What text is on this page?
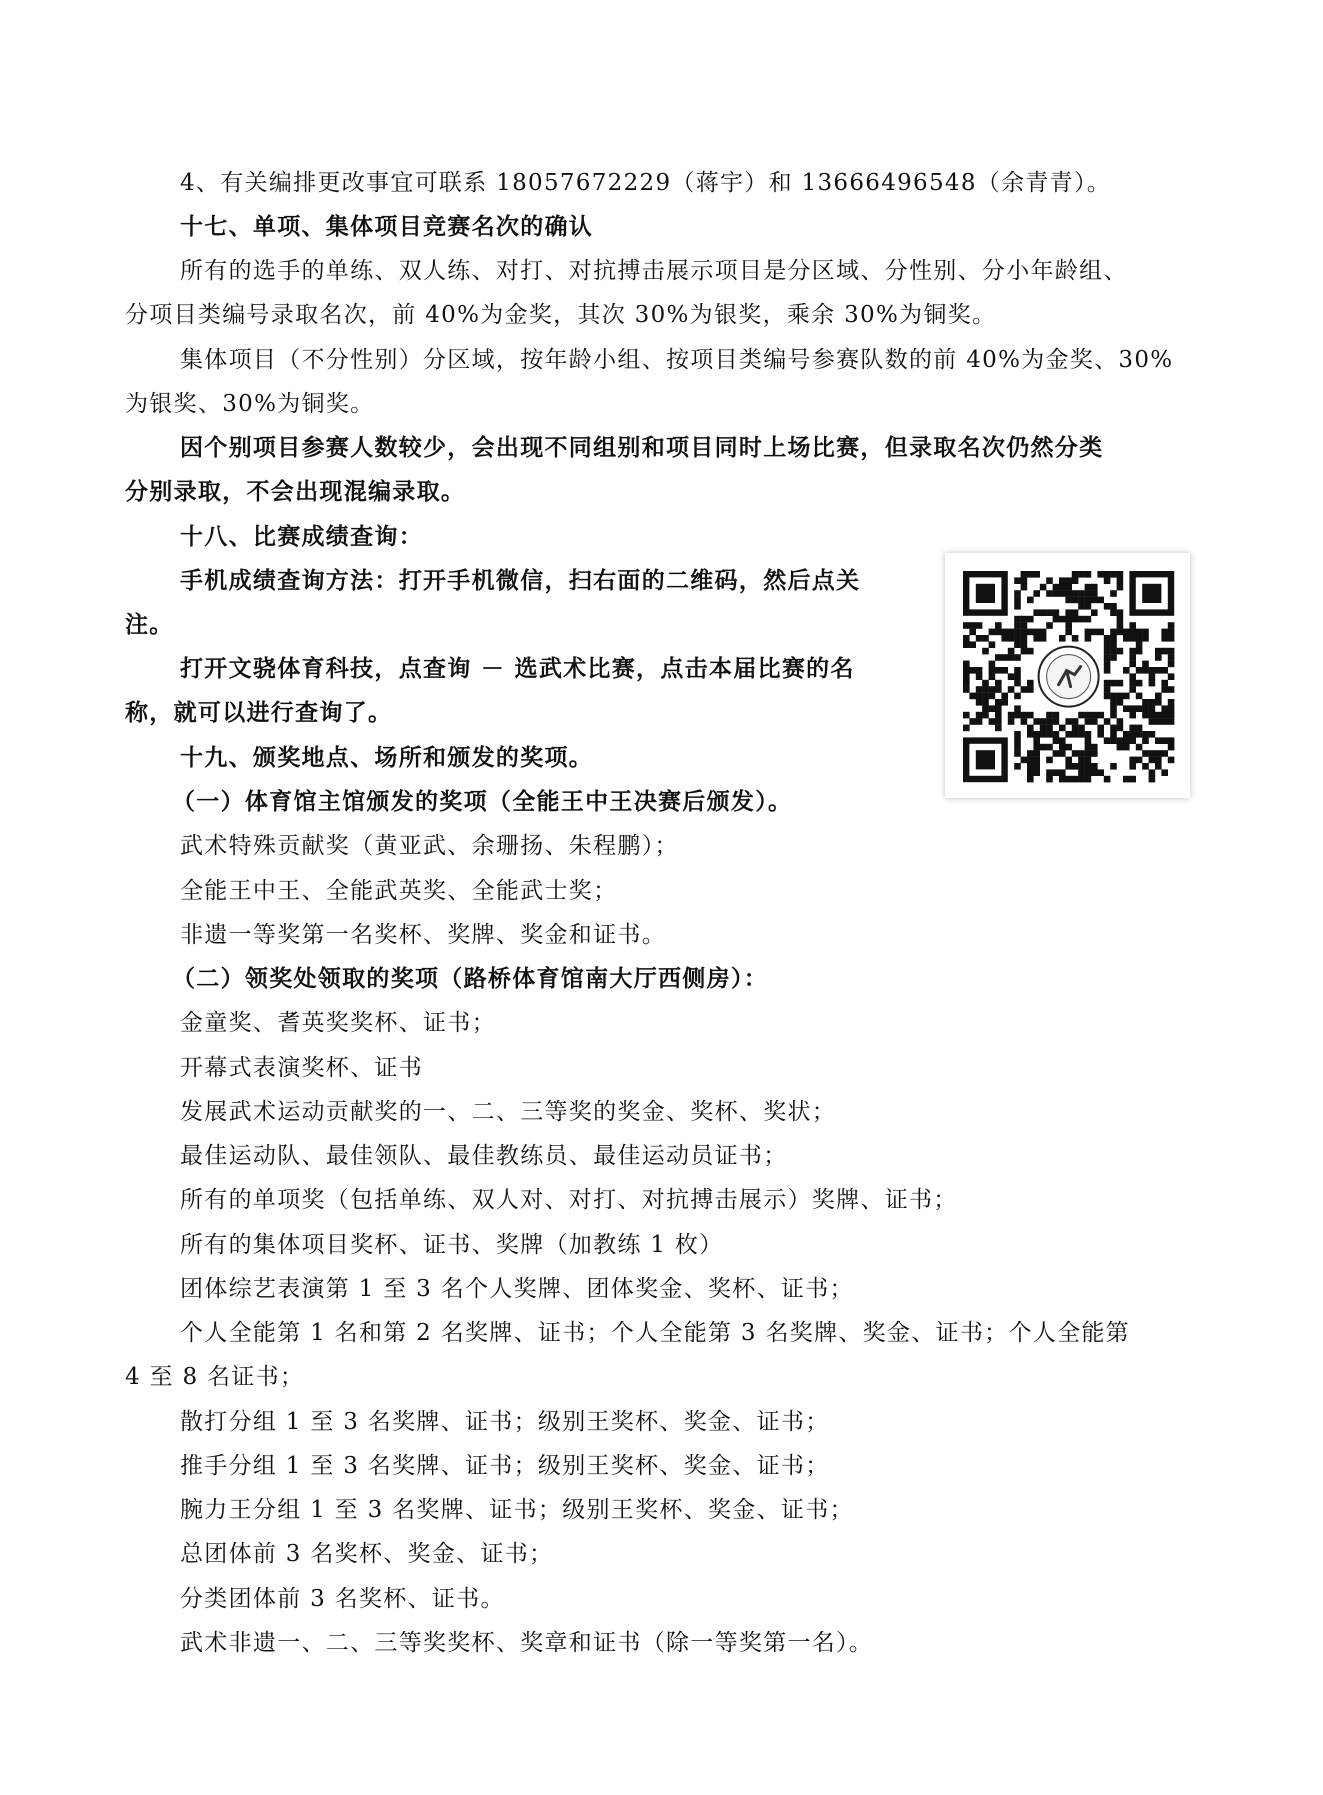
4、有关编排更改事宜可联系 18057672229（蒋宇）和 13666496548（余青青）。
十七、单项、集体项目竞赛名次的确认
所有的选手的单练、双人练、对打、对抗搏击展示项目是分区域、分性别、分小年龄组、
分项目类编号录取名次，前 40%为金奖，其次 30%为银奖，乘余 30%为铜奖。
集体项目（不分性别）分区域，按年龄小组、按项目类编号参赛队数的前 40%为金奖、30%
为银奖、30%为铜奖。
因个别项目参赛人数较少，会出现不同组别和项目同时上场比赛，但录取名次仍然分类
分别录取，不会出现混编录取。
十八、比赛成绩查询：
手机成绩查询方法：打开手机微信，扫右面的二维码，然后点关
注。
打开文骁体育科技，点查询 － 选武术比赛，点击本届比赛的名
称，就可以进行查询了。
十九、颁奖地点、场所和颁发的奖项。
（一）体育馆主馆颁发的奖项（全能王中王决赛后颁发）。
武术特殊贡献奖（黄亚武、余珊扬、朱程鹏）；
全能王中王、全能武英奖、全能武士奖；
非遗一等奖第一名奖杯、奖牌、奖金和证书。
（二）领奖处领取的奖项（路桥体育馆南大厅西侧房）：
金童奖、耆英奖奖杯、证书；
开幕式表演奖杯、证书
发展武术运动贡献奖的一、二、三等奖的奖金、奖杯、奖状；
最佳运动队、最佳领队、最佳教练员、最佳运动员证书；
所有的单项奖（包括单练、双人对、对打、对抗搏击展示）奖牌、证书；
所有的集体项目奖杯、证书、奖牌（加教练 1 枚）
团体综艺表演第 1 至 3 名个人奖牌、团体奖金、奖杯、证书；
个人全能第 1 名和第 2 名奖牌、证书；个人全能第 3 名奖牌、奖金、证书；个人全能第
4 至 8 名证书；
散打分组 1 至 3 名奖牌、证书；级别王奖杯、奖金、证书；
推手分组 1 至 3 名奖牌、证书；级别王奖杯、奖金、证书；
腕力王分组 1 至 3 名奖牌、证书；级别王奖杯、奖金、证书；
总团体前 3 名奖杯、奖金、证书；
分类团体前 3 名奖杯、证书。
武术非遗一、二、三等奖奖杯、奖章和证书（除一等奖第一名）。
